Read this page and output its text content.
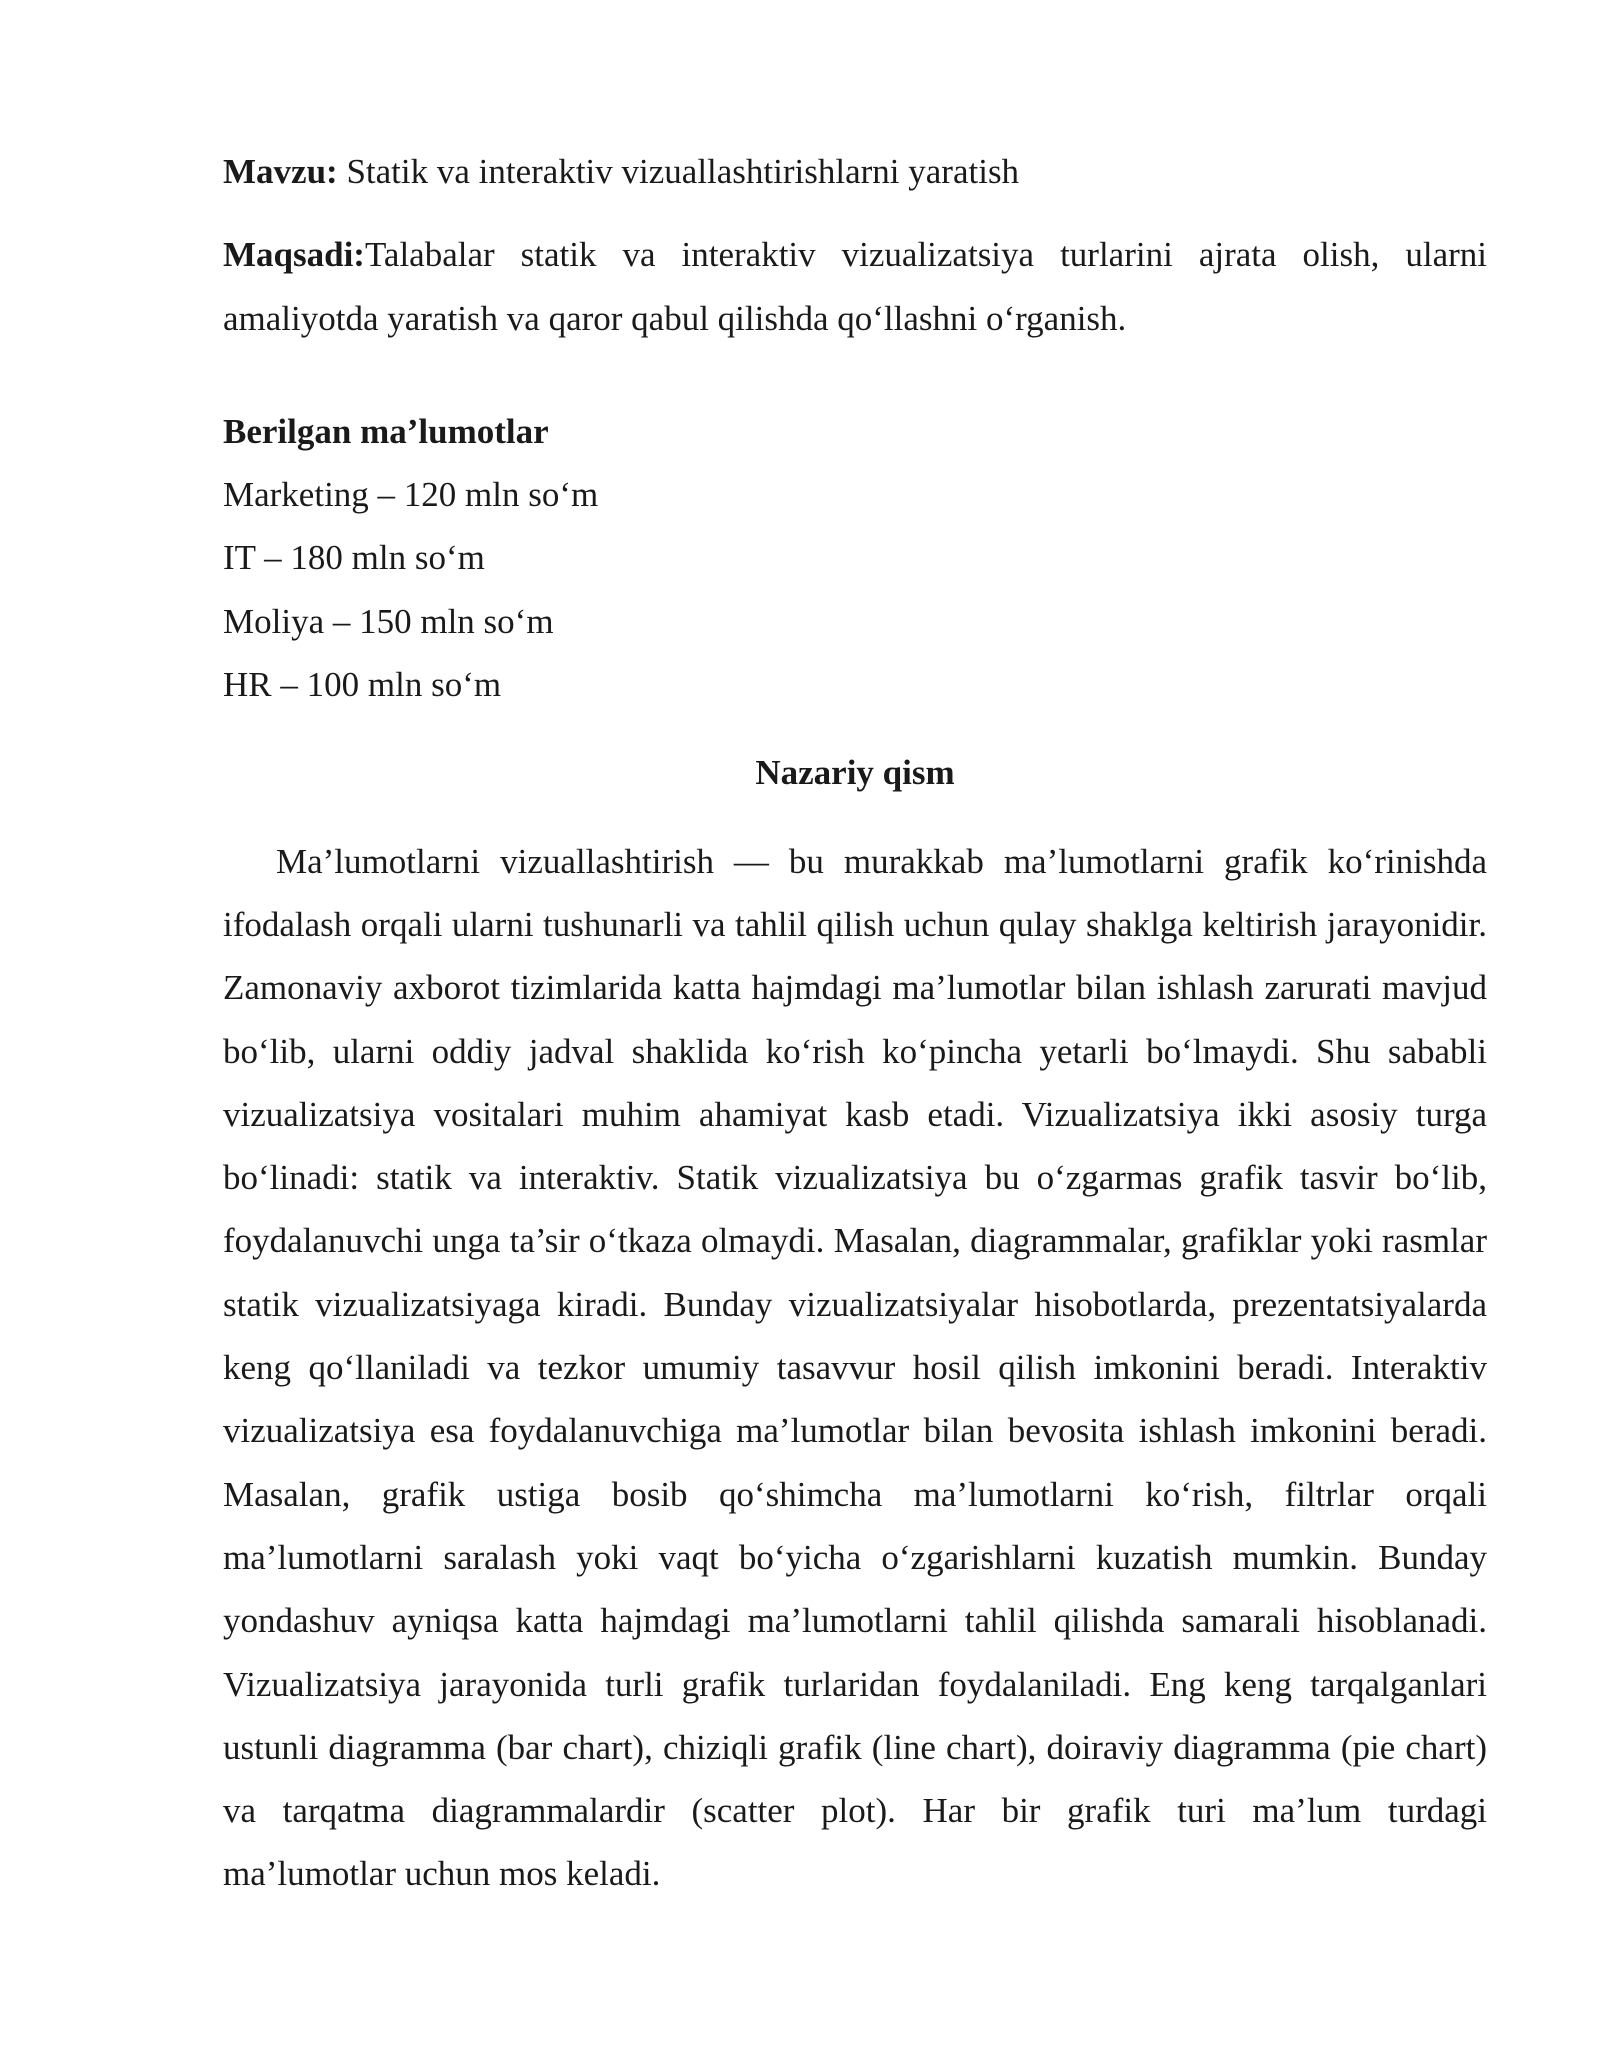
Mavzu: Statik va interaktiv vizuallashtirishlarni yaratish

Maqsadi:Talabalar statik va interaktiv vizualizatsiya turlarini ajrata olish, ularni amaliyotda yaratish va qaror qabul qilishda qo‘llashni o‘rganish.

Berilgan ma’lumotlar

Marketing – 120 mln so‘m
IT – 180 mln so‘m
Moliya – 150 mln so‘m
HR – 100 mln so‘m

Nazariy qism

Ma’lumotlarni vizuallashtirish — bu murakkab ma’lumotlarni grafik ko‘rinishda ifodalash orqali ularni tushunarli va tahlil qilish uchun qulay shaklga keltirish jarayonidir. Zamonaviy axborot tizimlarida katta hajmdagi ma’lumotlar bilan ishlash zarurati mavjud bo‘lib, ularni oddiy jadval shaklida ko‘rish ko‘pincha yetarli bo‘lmaydi. Shu sababli vizualizatsiya vositalari muhim ahamiyat kasb etadi. Vizualizatsiya ikki asosiy turga bo‘linadi: statik va interaktiv. Statik vizualizatsiya bu o‘zgarmas grafik tasvir bo‘lib, foydalanuvchi unga ta’sir o‘tkaza olmaydi. Masalan, diagrammalar, grafiklar yoki rasmlar statik vizualizatsiyaga kiradi. Bunday vizualizatsiyalar hisobotlarda, prezentatsiyalarda keng qo‘llaniladi va tezkor umumiy tasavvur hosil qilish imkonini beradi. Interaktiv vizualizatsiya esa foydalanuvchiga ma’lumotlar bilan bevosita ishlash imkonini beradi. Masalan, grafik ustiga bosib qo‘shimcha ma’lumotlarni ko‘rish, filtrlar orqali ma’lumotlarni saralash yoki vaqt bo‘yicha o‘zgarishlarni kuzatish mumkin. Bunday yondashuv ayniqsa katta hajmdagi ma’lumotlarni tahlil qilishda samarali hisoblanadi. Vizualizatsiya jarayonida turli grafik turlaridan foydalaniladi. Eng keng tarqalganlari ustunli diagramma (bar chart), chiziqli grafik (line chart), doiraviy diagramma (pie chart) va tarqatma diagrammalardir (scatter plot). Har bir grafik turi ma’lum turdagi ma’lumotlar uchun mos keladi.
